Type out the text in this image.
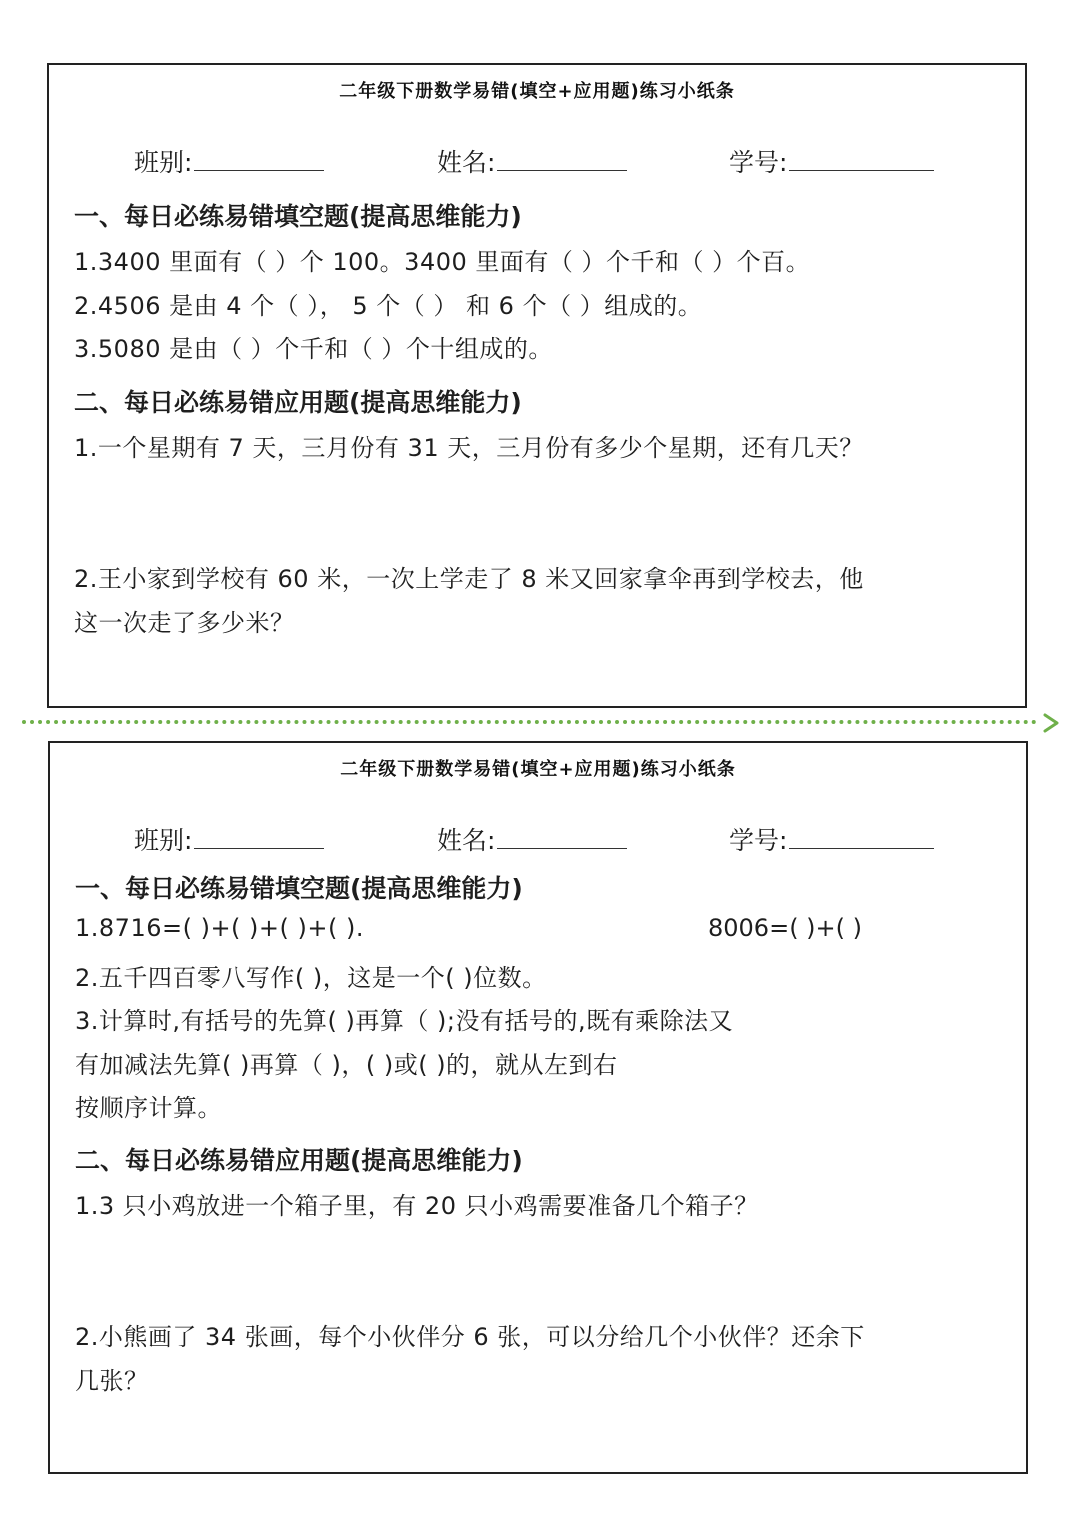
二年级下册数学易错(填空+应用题)练习小纸条
班别:	姓名:	学号:
一、每日必练易错填空题(提高思维能力)
1.3400 里面有（ ）个 100。3400 里面有（ ）个千和（ ）个百。
2.4506 是由 4 个（ ）， 5 个（ ） 和 6 个（ ）组成的。
3.5080 是由（ ）个千和（ ）个十组成的。
二、每日必练易错应用题(提高思维能力)
1.一个星期有 7 天，三月份有 31 天，三月份有多少个星期，还有几天？
2.王小家到学校有 60 米，一次上学走了 8 米又回家拿伞再到学校去，他
这一次走了多少米？
二年级下册数学易错(填空+应用题)练习小纸条
班别:	姓名:	学号:
一、每日必练易错填空题(提高思维能力)
1.8716=( )+( )+( )+( ).	8006=( )+( )
2.五千四百零八写作( )，这是一个( )位数。
3.计算时,有括号的先算( )再算（ );没有括号的,既有乘除法又
有加减法先算( )再算（ )，( )或( )的，就从左到右
按顺序计算。
二、每日必练易错应用题(提高思维能力)
1.3 只小鸡放进一个箱子里，有 20 只小鸡需要准备几个箱子？
2.小熊画了 34 张画，每个小伙伴分 6 张，可以分给几个小伙伴？还余下
几张？
